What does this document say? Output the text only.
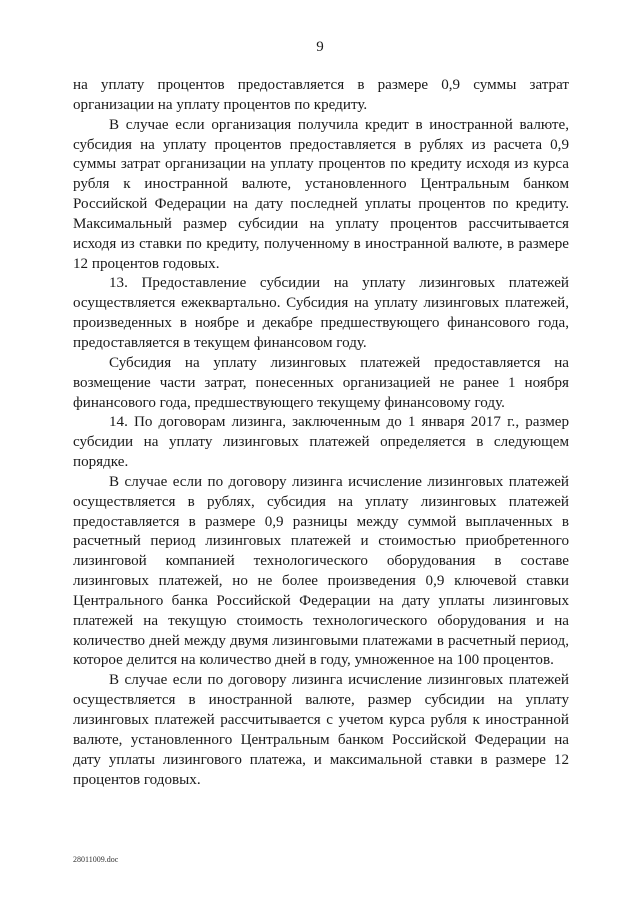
9

на уплату процентов предоставляется в размере 0,9 суммы затрат организации на уплату процентов по кредиту.

В случае если организация получила кредит в иностранной валюте, субсидия на уплату процентов предоставляется в рублях из расчета 0,9 суммы затрат организации на уплату процентов по кредиту исходя из курса рубля к иностранной валюте, установленного Центральным банком Российской Федерации на дату последней уплаты процентов по кредиту. Максимальный размер субсидии на уплату процентов рассчитывается исходя из ставки по кредиту, полученному в иностранной валюте, в размере 12 процентов годовых.

13. Предоставление субсидии на уплату лизинговых платежей осуществляется ежеквартально. Субсидия на уплату лизинговых платежей, произведенных в ноябре и декабре предшествующего финансового года, предоставляется в текущем финансовом году.

Субсидия на уплату лизинговых платежей предоставляется на возмещение части затрат, понесенных организацией не ранее 1 ноября финансового года, предшествующего текущему финансовому году.

14. По договорам лизинга, заключенным до 1 января 2017 г., размер субсидии на уплату лизинговых платежей определяется в следующем порядке.

В случае если по договору лизинга исчисление лизинговых платежей осуществляется в рублях, субсидия на уплату лизинговых платежей предоставляется в размере 0,9 разницы между суммой выплаченных в расчетный период лизинговых платежей и стоимостью приобретенного лизинговой компанией технологического оборудования в составе лизинговых платежей, но не более произведения 0,9 ключевой ставки Центрального банка Российской Федерации на дату уплаты лизинговых платежей на текущую стоимость технологического оборудования и на количество дней между двумя лизинговыми платежами в расчетный период, которое делится на количество дней в году, умноженное на 100 процентов.

В случае если по договору лизинга исчисление лизинговых платежей осуществляется в иностранной валюте, размер субсидии на уплату лизинговых платежей рассчитывается с учетом курса рубля к иностранной валюте, установленного Центральным банком Российской Федерации на дату уплаты лизингового платежа, и максимальной ставки в размере 12 процентов годовых.

28011009.doc
